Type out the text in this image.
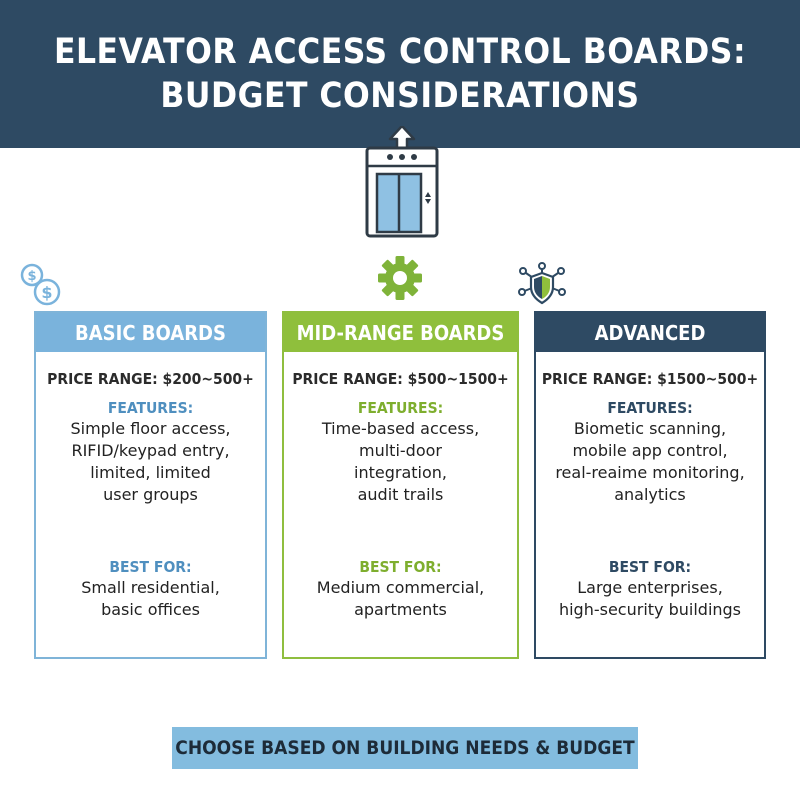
ELEVATOR ACCESS CONTROL BOARDS:
BUDGET CONSIDERATIONS
$
$
BASIC BOARDS
PRICE RANGE: $200~500+
FEATURES:
Simple floor access,
RIFID/keypad entry,
limited, limited
user groups
BEST FOR:
Small residential,
basic offices
MID-RANGE BOARDS
PRICE RANGE: $500~1500+
FEATURES:
Time-based access,
multi-door
integration,
audit trails
BEST FOR:
Medium commercial,
apartments
ADVANCED
PRICE RANGE: $1500~500+
FEATURES:
Biometic scanning,
mobile app control,
real-reaime monitoring,
analytics
BEST FOR:
Large enterprises,
high-security buildings
CHOOSE BASED ON BUILDING NEEDS & BUDGET
